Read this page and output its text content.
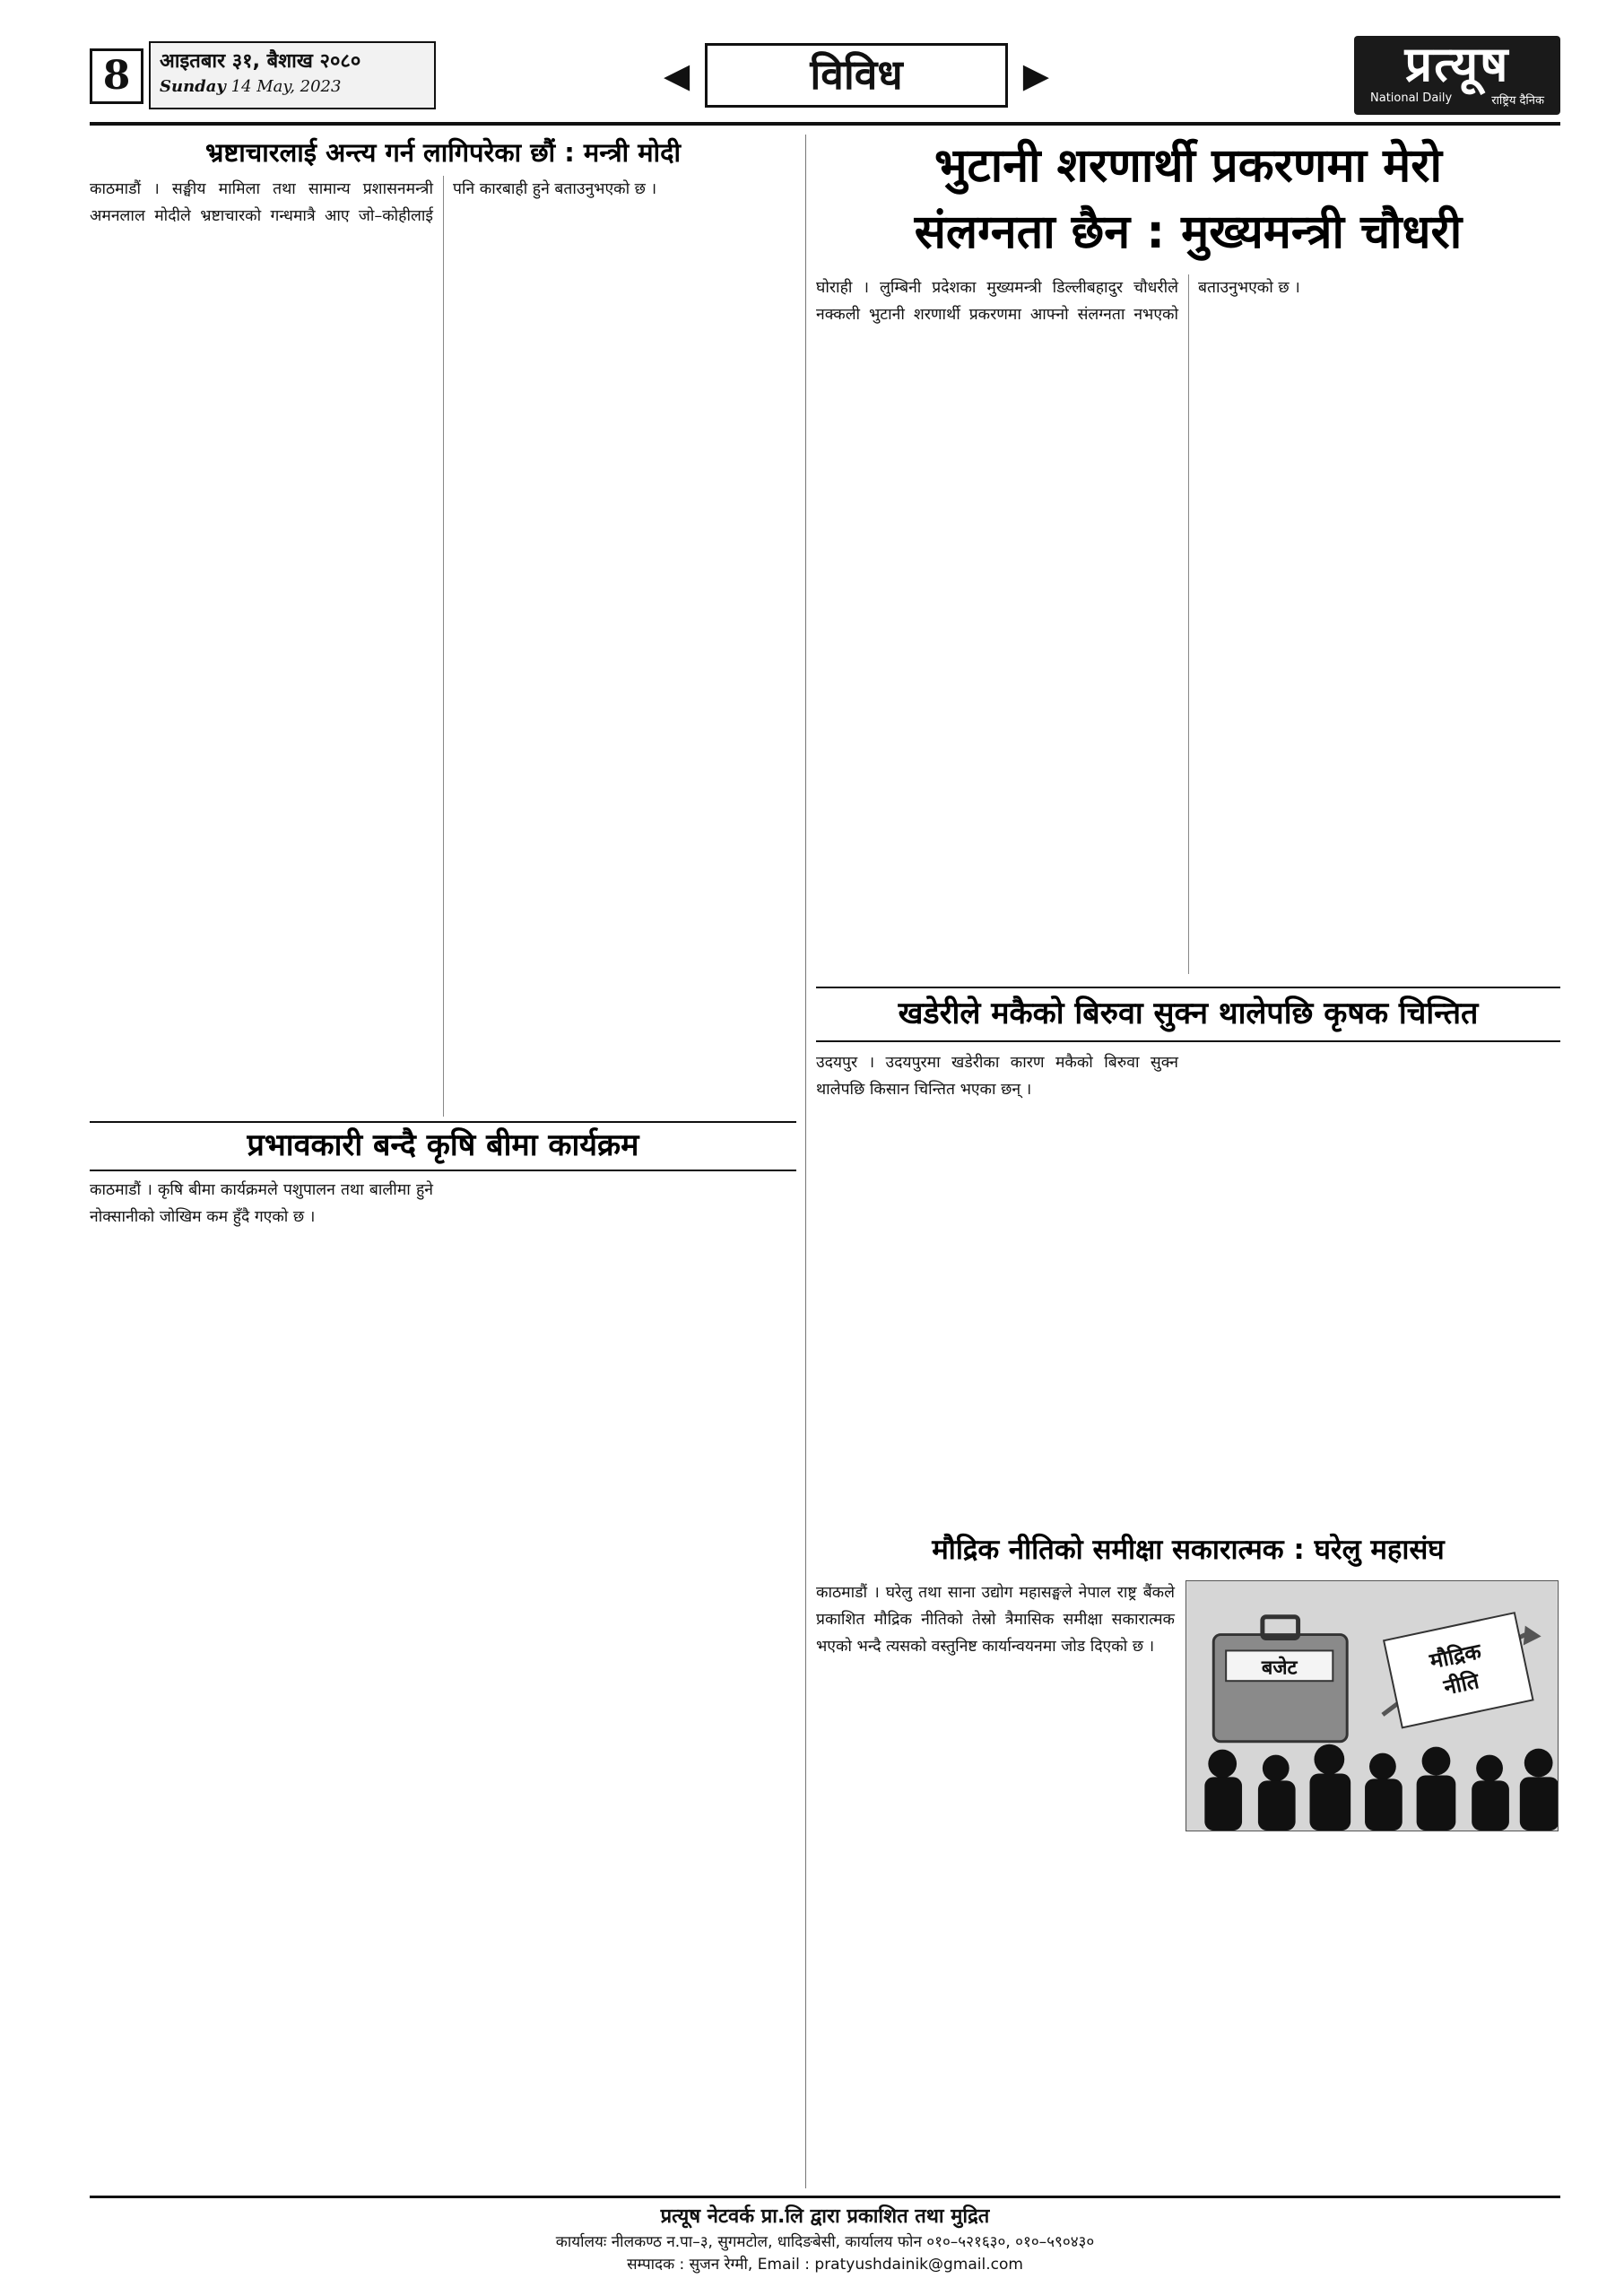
8	आइतबार ३१, बैशाख २०८०
Sunday 14 May, 2023	◀	विविध	▶	प्रत्यूष
National Daily	राष्ट्रिय दैनिक
भ्रष्टाचारलाई अन्त्य गर्न लागिपरेका छौं : मन्त्री मोदी

काठमाडौं । सङ्घीय मामिला तथा सामान्य प्रशासनमन्त्री अमनलाल मोदीले भ्रष्टाचारको गन्धमात्रै आए जो–कोहीलाई पनि कारबाही हुने बताउनुभएको छ ।

प्रभावकारी बन्दै कृषि बीमा कार्यक्रम

काठमाडौं । कृषि बीमा कार्यक्रमले पशुपालन तथा बालीमा हुने नोक्सानीको जोखिम कम हुँदै गएको छ ।

भुटानी शरणार्थी प्रकरणमा मेरो
संलग्नता छैन : मुख्यमन्त्री चौधरी

घोराही । लुम्बिनी प्रदेशका मुख्यमन्त्री डिल्लीबहादुर चौधरीले नक्कली भुटानी शरणार्थी प्रकरणमा आफ्नो संलग्नता नभएको बताउनुभएको छ ।

खडेरीले मकैको बिरुवा सुक्न थालेपछि कृषक चिन्तित

उदयपुर । उदयपुरमा खडेरीका कारण मकैको बिरुवा सुक्न थालेपछि किसान चिन्तित भएका छन् ।

मौद्रिक नीतिको समीक्षा सकारात्मक : घरेलु महासंघ

काठमाडौं । घरेलु तथा साना उद्योग महासङ्घले नेपाल राष्ट्र बैंकले प्रकाशित मौद्रिक नीतिको तेस्रो त्रैमासिक समीक्षा सकारात्मक भएको भन्दै त्यसको वस्तुनिष्ट कार्यान्वयनमा जोड दिएको छ ।

बजेट	मौद्रिक
नीति
प्रत्यूष नेटवर्क प्रा.लि द्वारा प्रकाशित तथा मुद्रित
कार्यालयः नीलकण्ठ न.पा–३, सुगमटोल, धादिङबेसी, कार्यालय फोन ०१०–५२१६३०, ०१०–५९०४३०
सम्पादक : सुजन रेग्मी, Email : pratyushdainik@gmail.com
